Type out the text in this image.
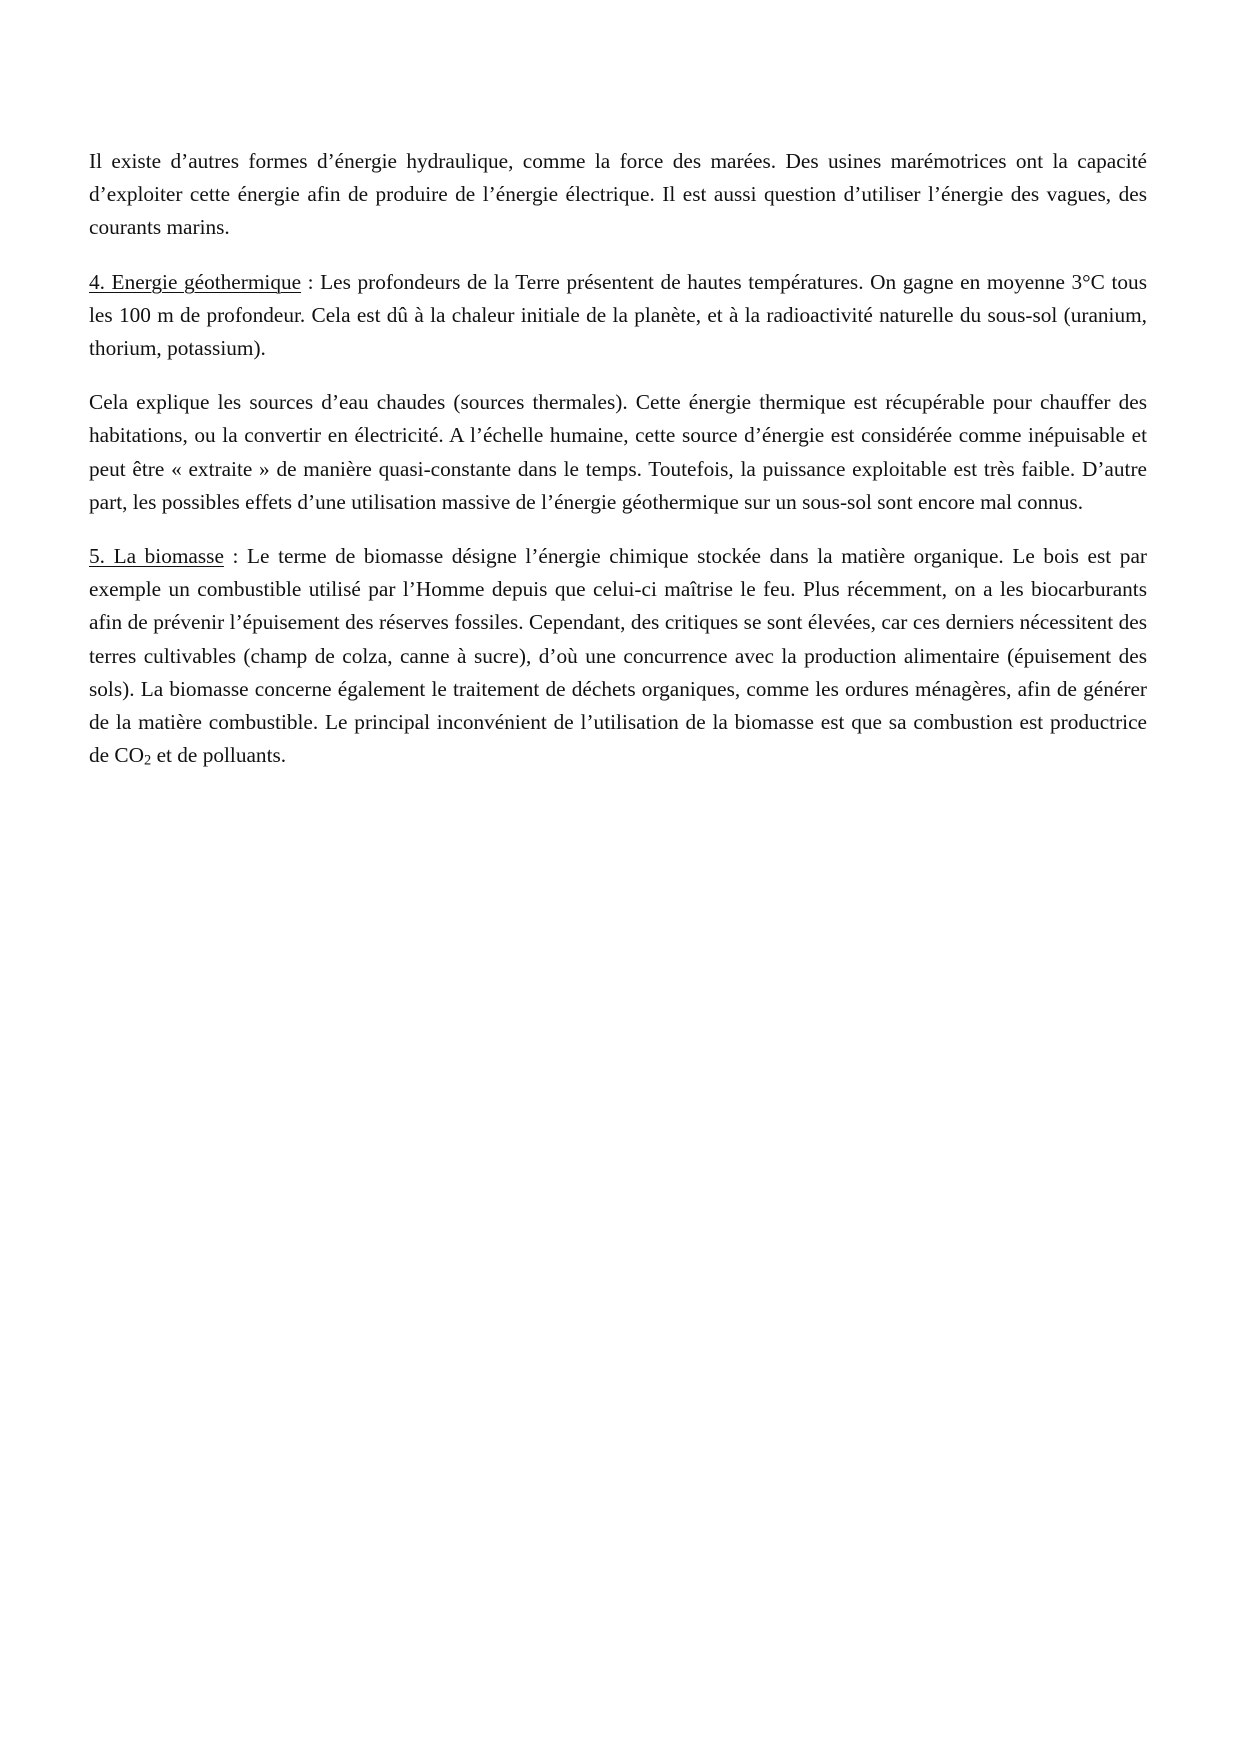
Il existe d’autres formes d’énergie hydraulique, comme la force des marées. Des usines marémotrices ont la capacité d’exploiter cette énergie afin de produire de l’énergie électrique. Il est aussi question d’utiliser l’énergie des vagues, des courants marins.

4. Energie géothermique : Les profondeurs de la Terre présentent de hautes températures. On gagne en moyenne 3°C tous les 100 m de profondeur. Cela est dû à la chaleur initiale de la planète, et à la radioactivité naturelle du sous-sol (uranium, thorium, potassium).

Cela explique les sources d’eau chaudes (sources thermales). Cette énergie thermique est récupérable pour chauffer des habitations, ou la convertir en électricité. A l’échelle humaine, cette source d’énergie est considérée comme inépuisable et peut être « extraite » de manière quasi-constante dans le temps. Toutefois, la puissance exploitable est très faible. D’autre part, les possibles effets d’une utilisation massive de l’énergie géothermique sur un sous-sol sont encore mal connus.

5. La biomasse : Le terme de biomasse désigne l’énergie chimique stockée dans la matière organique. Le bois est par exemple un combustible utilisé par l’Homme depuis que celui-ci maîtrise le feu. Plus récemment, on a les biocarburants afin de prévenir l’épuisement des réserves fossiles. Cependant, des critiques se sont élevées, car ces derniers nécessitent des terres cultivables (champ de colza, canne à sucre), d’où une concurrence avec la production alimentaire (épuisement des sols). La biomasse concerne également le traitement de déchets organiques, comme les ordures ménagères, afin de générer de la matière combustible. Le principal inconvénient de l’utilisation de la biomasse est que sa combustion est productrice de $CO_2$ et de polluants.
